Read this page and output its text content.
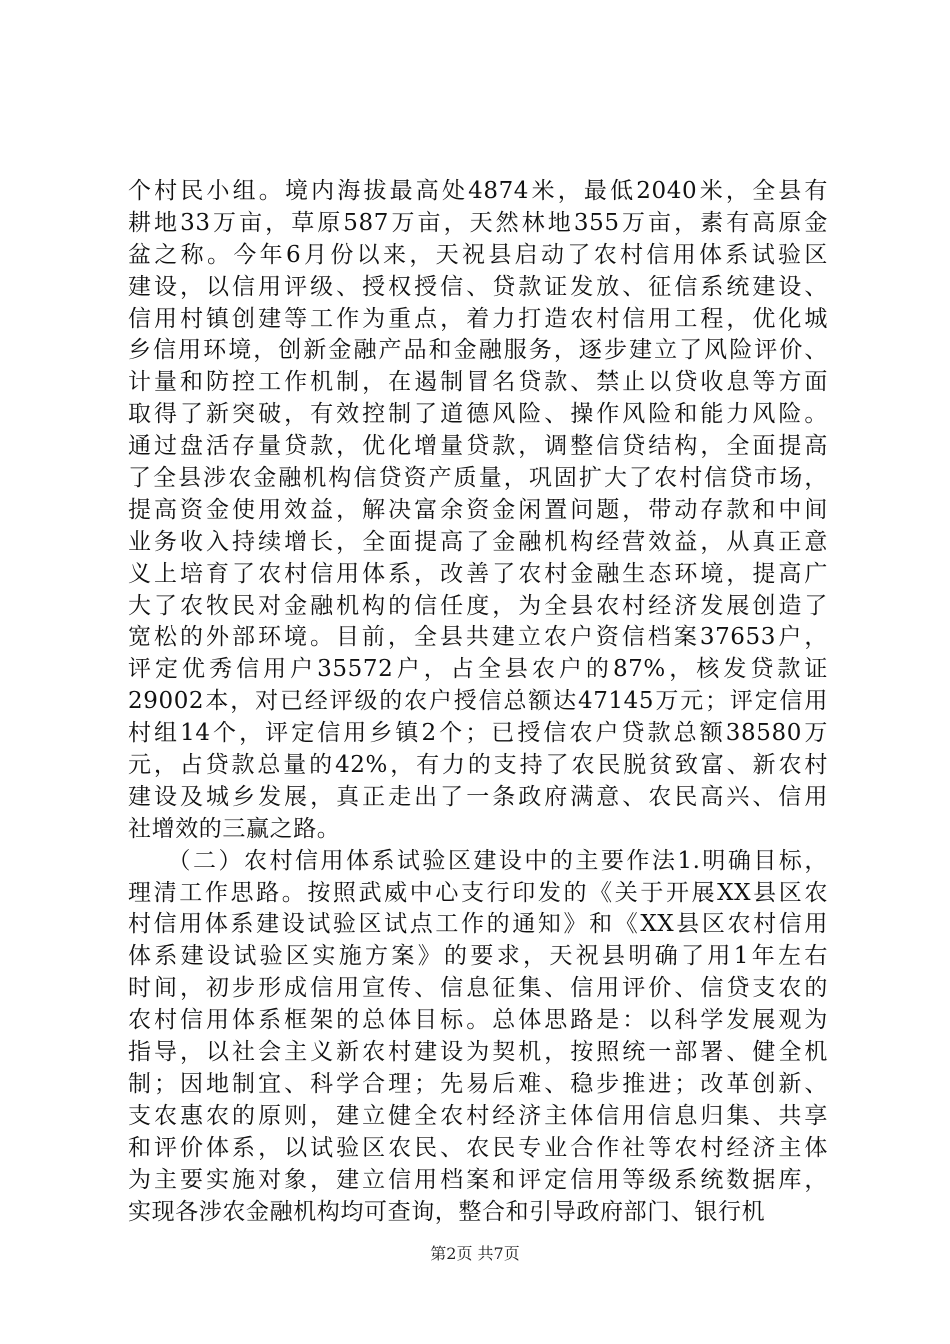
个村民小组。境内海拔最高处4874米，最低2040米，全县有
耕地33万亩，草原587万亩，天然林地355万亩，素有高原金
盆之称。今年6月份以来，天祝县启动了农村信用体系试验区
建设，以信用评级、授权授信、贷款证发放、征信系统建设、
信用村镇创建等工作为重点，着力打造农村信用工程，优化城
乡信用环境，创新金融产品和金融服务，逐步建立了风险评价、
计量和防控工作机制，在遏制冒名贷款、禁止以贷收息等方面
取得了新突破，有效控制了道德风险、操作风险和能力风险。
通过盘活存量贷款，优化增量贷款，调整信贷结构，全面提高
了全县涉农金融机构信贷资产质量，巩固扩大了农村信贷市场，
提高资金使用效益，解决富余资金闲置问题，带动存款和中间
业务收入持续增长，全面提高了金融机构经营效益，从真正意
义上培育了农村信用体系，改善了农村金融生态环境，提高广
大了农牧民对金融机构的信任度，为全县农村经济发展创造了
宽松的外部环境。目前，全县共建立农户资信档案37653户，
评定优秀信用户35572户，占全县农户的87%，核发贷款证
29002本，对已经评级的农户授信总额达47145万元；评定信用
村组14个，评定信用乡镇2个；已授信农户贷款总额38580万
元，占贷款总量的42%，有力的支持了农民脱贫致富、新农村
建设及城乡发展，真正走出了一条政府满意、农民高兴、信用
社增效的三赢之路。
　　（二）农村信用体系试验区建设中的主要作法1.明确目标，
理清工作思路。按照武威中心支行印发的《关于开展XX县区农
村信用体系建设试验区试点工作的通知》和《XX县区农村信用
体系建设试验区实施方案》的要求，天祝县明确了用1年左右
时间，初步形成信用宣传、信息征集、信用评价、信贷支农的
农村信用体系框架的总体目标。总体思路是：以科学发展观为
指导，以社会主义新农村建设为契机，按照统一部署、健全机
制；因地制宜、科学合理；先易后难、稳步推进；改革创新、
支农惠农的原则，建立健全农村经济主体信用信息归集、共享
和评价体系，以试验区农民、农民专业合作社等农村经济主体
为主要实施对象，建立信用档案和评定信用等级系统数据库，
实现各涉农金融机构均可查询，整合和引导政府部门、银行机
第2页 共7页
